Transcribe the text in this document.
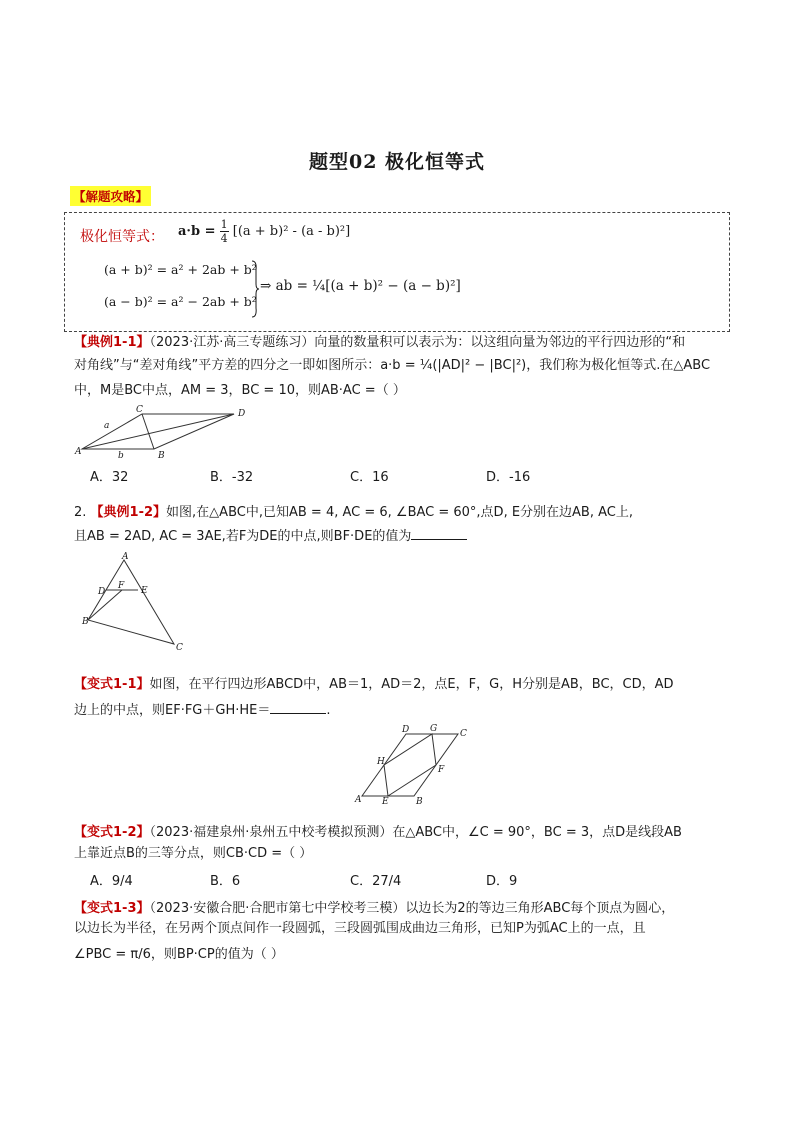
题型02 极化恒等式
【解题攻略】
极化恒等式： $a\cdot b = \frac{1}{4} [(a + b)^2 - (a - b)^2]$
(a + b)² = a² + 2ab + b²
(a − b)² = a² − 2ab + b²
⇒ ab = ¼[(a + b)² − (a − b)²]
【典例1-1】（2023·江苏·高三专题练习）向量的数量积可以表示为：以这组向量为邻边的平行四边形的“和
对角线”与“差对角线”平方差的四分之一即如图所示：a·b = ¼(|AD|² − |BC|²)，我们称为极化恒等式.在△ABC
中，M是BC中点，AM = 3，BC = 10，则AB·AC =（ ）
A	B
C	D
a
b
A．32	B．-32	C．16	D．-16
2. 【典例1-2】如图,在△ABC中,已知AB = 4, AC = 6, ∠BAC = 60°,点D, E分别在边AB, AC上,
且AB = 2AD, AC = 3AE,若F为DE的中点,则BF·DE的值为
A
B
C
D	E
F
【变式1-1】如图，在平行四边形ABCD中，AB＝1，AD＝2，点E，F，G，H分别是AB，BC，CD，AD
边上的中点，则EF·FG＋GH·HE＝	.
A	B
C
D
E
F
G
H
【变式1-2】（2023·福建泉州·泉州五中校考模拟预测）在△ABC中，∠C = 90°，BC = 3，点D是线段AB
上靠近点B的三等分点，则CB·CD =（ ）
A．9/4	B．6	C．27/4	D．9
【变式1-3】（2023·安徽合肥·合肥市第七中学校考三模）以边长为2的等边三角形ABC每个顶点为圆心，
以边长为半径，在另两个顶点间作一段圆弧，三段圆弧围成曲边三角形，已知P为弧AC上的一点，且
∠PBC = π/6，则BP·CP的值为（ ）
